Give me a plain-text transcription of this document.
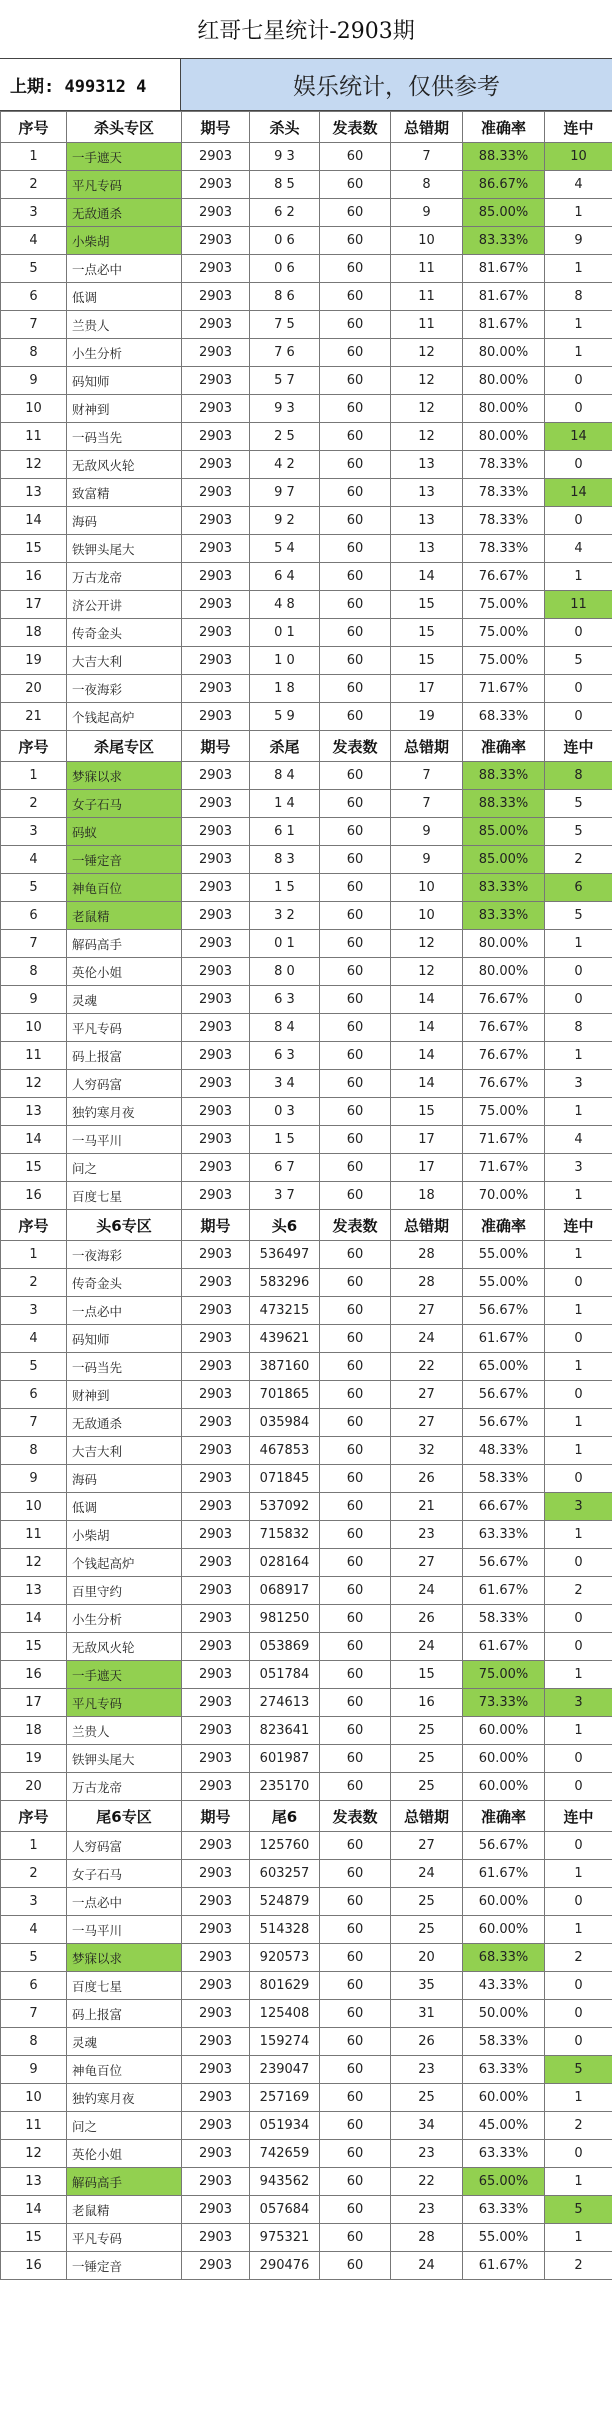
红哥七星统计-2903期
上期: 499312 4	娱乐统计，仅供参考
序号	杀头专区	期号	杀头	发表数	总错期	准确率	连中
1	一手遮天	2903	9 3	60	7	88.33%	10
2	平凡专码	2903	8 5	60	8	86.67%	4
3	无敌通杀	2903	6 2	60	9	85.00%	1
4	小柴胡	2903	0 6	60	10	83.33%	9
5	一点必中	2903	0 6	60	11	81.67%	1
6	低调	2903	8 6	60	11	81.67%	8
7	兰贵人	2903	7 5	60	11	81.67%	1
8	小生分析	2903	7 6	60	12	80.00%	1
9	码知师	2903	5 7	60	12	80.00%	0
10	财神到	2903	9 3	60	12	80.00%	0
11	一码当先	2903	2 5	60	12	80.00%	14
12	无敌风火轮	2903	4 2	60	13	78.33%	0
13	致富精	2903	9 7	60	13	78.33%	14
14	海码	2903	9 2	60	13	78.33%	0
15	铁钾头尾大	2903	5 4	60	13	78.33%	4
16	万古龙帝	2903	6 4	60	14	76.67%	1
17	济公开讲	2903	4 8	60	15	75.00%	11
18	传奇金头	2903	0 1	60	15	75.00%	0
19	大吉大利	2903	1 0	60	15	75.00%	5
20	一夜海彩	2903	1 8	60	17	71.67%	0
21	个钱起高炉	2903	5 9	60	19	68.33%	0
序号	杀尾专区	期号	杀尾	发表数	总错期	准确率	连中
1	梦寐以求	2903	8 4	60	7	88.33%	8
2	女子石马	2903	1 4	60	7	88.33%	5
3	码蚁	2903	6 1	60	9	85.00%	5
4	一锤定音	2903	8 3	60	9	85.00%	2
5	神龟百位	2903	1 5	60	10	83.33%	6
6	老鼠精	2903	3 2	60	10	83.33%	5
7	解码高手	2903	0 1	60	12	80.00%	1
8	英伦小姐	2903	8 0	60	12	80.00%	0
9	灵魂	2903	6 3	60	14	76.67%	0
10	平凡专码	2903	8 4	60	14	76.67%	8
11	码上报富	2903	6 3	60	14	76.67%	1
12	人穷码富	2903	3 4	60	14	76.67%	3
13	独钓寒月夜	2903	0 3	60	15	75.00%	1
14	一马平川	2903	1 5	60	17	71.67%	4
15	问之	2903	6 7	60	17	71.67%	3
16	百度七星	2903	3 7	60	18	70.00%	1
序号	头6专区	期号	头6	发表数	总错期	准确率	连中
1	一夜海彩	2903	536497	60	28	55.00%	1
2	传奇金头	2903	583296	60	28	55.00%	0
3	一点必中	2903	473215	60	27	56.67%	1
4	码知师	2903	439621	60	24	61.67%	0
5	一码当先	2903	387160	60	22	65.00%	1
6	财神到	2903	701865	60	27	56.67%	0
7	无敌通杀	2903	035984	60	27	56.67%	1
8	大吉大利	2903	467853	60	32	48.33%	1
9	海码	2903	071845	60	26	58.33%	0
10	低调	2903	537092	60	21	66.67%	3
11	小柴胡	2903	715832	60	23	63.33%	1
12	个钱起高炉	2903	028164	60	27	56.67%	0
13	百里守约	2903	068917	60	24	61.67%	2
14	小生分析	2903	981250	60	26	58.33%	0
15	无敌风火轮	2903	053869	60	24	61.67%	0
16	一手遮天	2903	051784	60	15	75.00%	1
17	平凡专码	2903	274613	60	16	73.33%	3
18	兰贵人	2903	823641	60	25	60.00%	1
19	铁钾头尾大	2903	601987	60	25	60.00%	0
20	万古龙帝	2903	235170	60	25	60.00%	0
序号	尾6专区	期号	尾6	发表数	总错期	准确率	连中
1	人穷码富	2903	125760	60	27	56.67%	0
2	女子石马	2903	603257	60	24	61.67%	1
3	一点必中	2903	524879	60	25	60.00%	0
4	一马平川	2903	514328	60	25	60.00%	1
5	梦寐以求	2903	920573	60	20	68.33%	2
6	百度七星	2903	801629	60	35	43.33%	0
7	码上报富	2903	125408	60	31	50.00%	0
8	灵魂	2903	159274	60	26	58.33%	0
9	神龟百位	2903	239047	60	23	63.33%	5
10	独钓寒月夜	2903	257169	60	25	60.00%	1
11	问之	2903	051934	60	34	45.00%	2
12	英伦小姐	2903	742659	60	23	63.33%	0
13	解码高手	2903	943562	60	22	65.00%	1
14	老鼠精	2903	057684	60	23	63.33%	5
15	平凡专码	2903	975321	60	28	55.00%	1
16	一锤定音	2903	290476	60	24	61.67%	2
